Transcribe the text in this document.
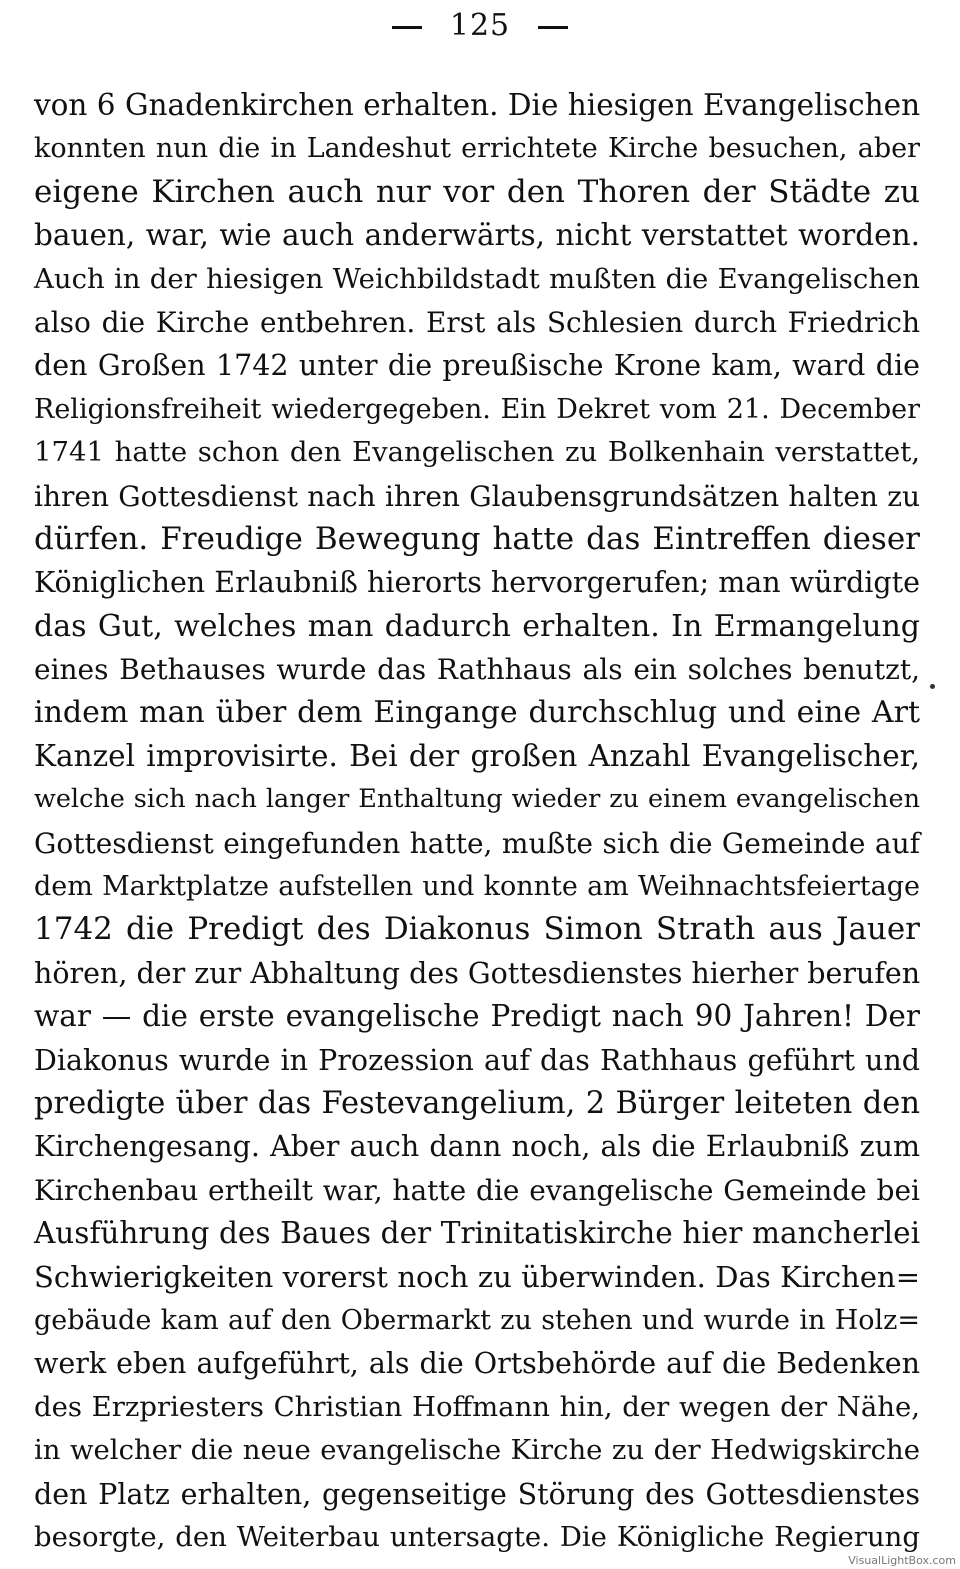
125
von 6 Gnadenkirchen erhalten. Die hiesigen Evangelischen
konnten nun die in Landeshut errichtete Kirche besuchen, aber
eigene Kirchen auch nur vor den Thoren der Städte zu
bauen, war, wie auch anderwärts, nicht verstattet worden.
Auch in der hiesigen Weichbildstadt mußten die Evangelischen
also die Kirche entbehren. Erst als Schlesien durch Friedrich
den Großen 1742 unter die preußische Krone kam, ward die
Religionsfreiheit wiedergegeben. Ein Dekret vom 21. December
1741 hatte schon den Evangelischen zu Bolkenhain verstattet,
ihren Gottesdienst nach ihren Glaubensgrundsätzen halten zu
dürfen. Freudige Bewegung hatte das Eintreffen dieser
Königlichen Erlaubniß hierorts hervorgerufen; man würdigte
das Gut, welches man dadurch erhalten. In Ermangelung
eines Bethauses wurde das Rathhaus als ein solches benutzt,
indem man über dem Eingange durchschlug und eine Art
Kanzel improvisirte. Bei der großen Anzahl Evangelischer,
welche sich nach langer Enthaltung wieder zu einem evangelischen
Gottesdienst eingefunden hatte, mußte sich die Gemeinde auf
dem Marktplatze aufstellen und konnte am Weihnachtsfeiertage
1742 die Predigt des Diakonus Simon Strath aus Jauer
hören, der zur Abhaltung des Gottesdienstes hierher berufen
war — die erste evangelische Predigt nach 90 Jahren! Der
Diakonus wurde in Prozession auf das Rathhaus geführt und
predigte über das Festevangelium, 2 Bürger leiteten den
Kirchengesang. Aber auch dann noch, als die Erlaubniß zum
Kirchenbau ertheilt war, hatte die evangelische Gemeinde bei
Ausführung des Baues der Trinitatiskirche hier mancherlei
Schwierigkeiten vorerst noch zu überwinden. Das Kirchen=
gebäude kam auf den Obermarkt zu stehen und wurde in Holz=
werk eben aufgeführt, als die Ortsbehörde auf die Bedenken
des Erzpriesters Christian Hoffmann hin, der wegen der Nähe,
in welcher die neue evangelische Kirche zu der Hedwigskirche
den Platz erhalten, gegenseitige Störung des Gottesdienstes
besorgte, den Weiterbau untersagte. Die Königliche Regierung
VisualLightBox.com
